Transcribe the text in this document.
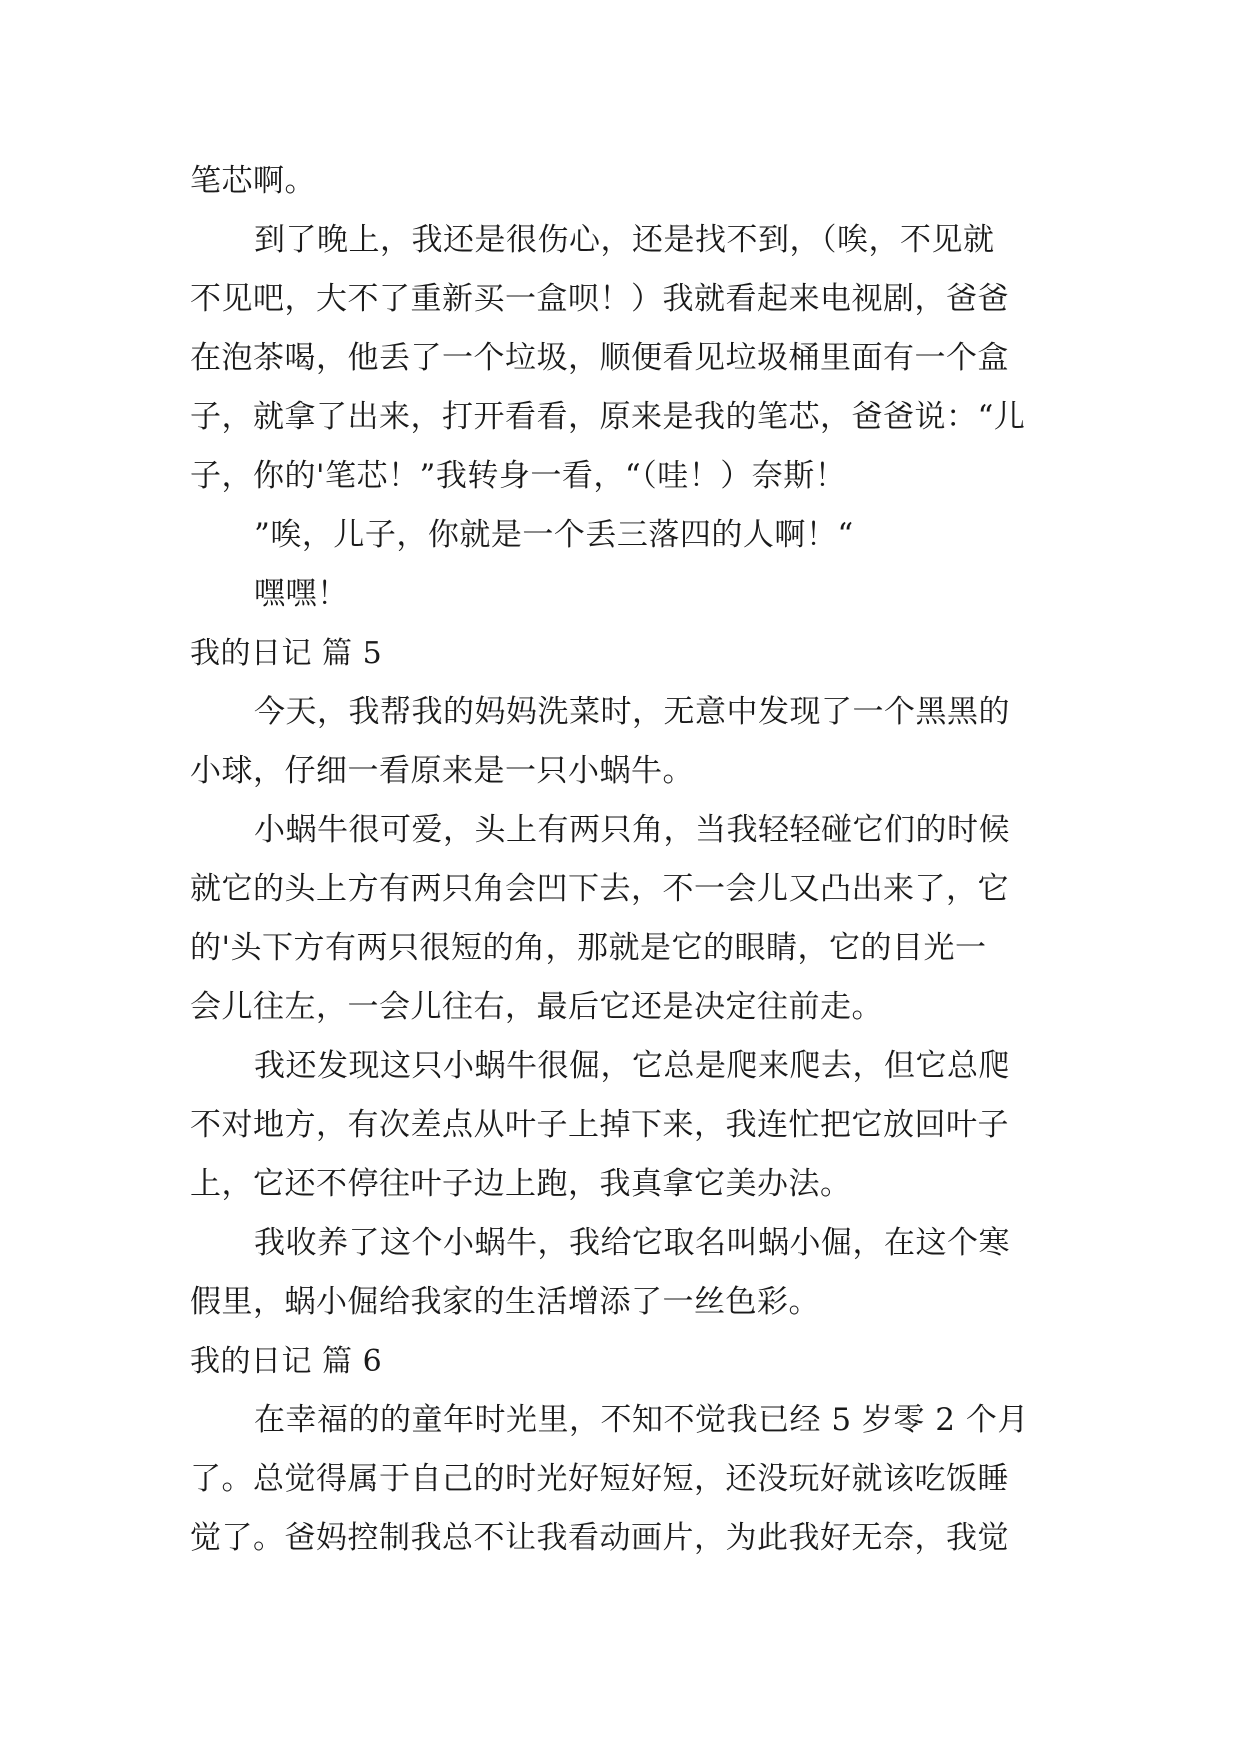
笔芯啊。
到了晚上，我还是很伤心，还是找不到，（唉，不见就
不见吧，大不了重新买一盒呗！）我就看起来电视剧，爸爸
在泡茶喝，他丢了一个垃圾，顺便看见垃圾桶里面有一个盒
子，就拿了出来，打开看看，原来是我的笔芯，爸爸说：“儿
子，你的'笔芯！”我转身一看，“（哇！）奈斯！
”唉，儿子，你就是一个丢三落四的人啊！“
嘿嘿！
我的日记 篇 5
今天，我帮我的妈妈洗菜时，无意中发现了一个黑黑的
小球，仔细一看原来是一只小蜗牛。
小蜗牛很可爱，头上有两只角，当我轻轻碰它们的时候
就它的头上方有两只角会凹下去，不一会儿又凸出来了，它
的'头下方有两只很短的角，那就是它的眼睛，它的目光一
会儿往左，一会儿往右，最后它还是决定往前走。
我还发现这只小蜗牛很倔，它总是爬来爬去，但它总爬
不对地方，有次差点从叶子上掉下来，我连忙把它放回叶子
上，它还不停往叶子边上跑，我真拿它美办法。
我收养了这个小蜗牛，我给它取名叫蜗小倔，在这个寒
假里，蜗小倔给我家的生活增添了一丝色彩。
我的日记 篇 6
在幸福的的童年时光里，不知不觉我已经 5 岁零 2 个月
了。总觉得属于自己的时光好短好短，还没玩好就该吃饭睡
觉了。爸妈控制我总不让我看动画片，为此我好无奈，我觉
